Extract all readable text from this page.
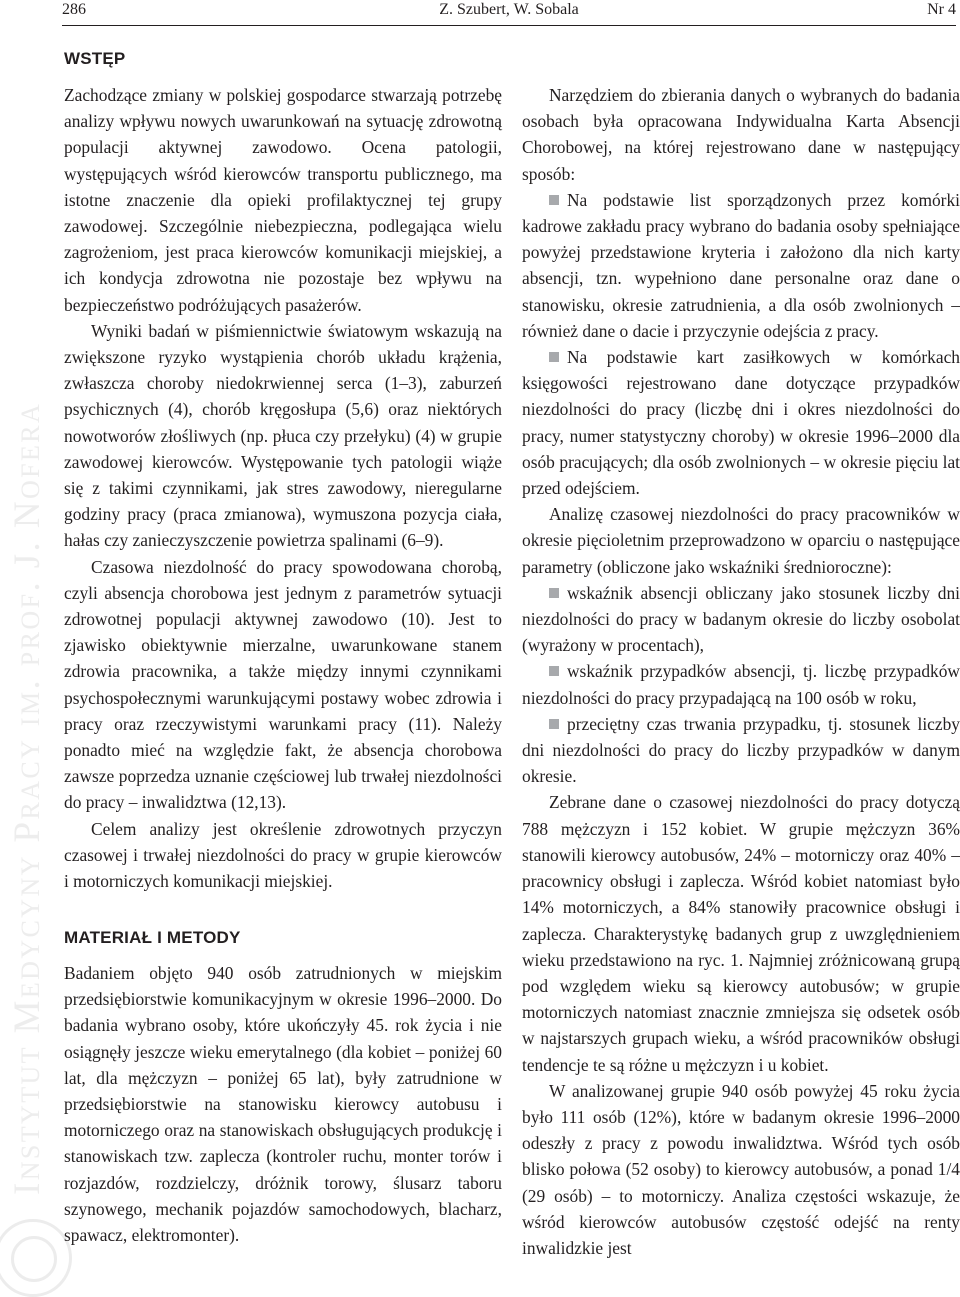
Instytut Medycyny Pracy im. prof. J. Nofera
286	Z. Szubert, W. Sobala	Nr 4
WSTĘP

Zachodzące zmiany w polskiej gospodarce stwarzają potrzebę analizy wpływu nowych uwarunkowań na sytuację zdrowotną populacji aktywnej zawodowo. Ocena patologii, występujących wśród kierowców transportu publicznego, ma istotne znaczenie dla opieki profilaktycznej tej grupy zawodowej. Szczególnie niebezpieczna, podlegająca wielu zagrożeniom, jest praca kierowców komunikacji miejskiej, a ich kondycja zdrowotna nie pozostaje bez wpływu na bezpieczeństwo podróżujących pasażerów.

Wyniki badań w piśmiennictwie światowym wskazują na zwiększone ryzyko wystąpienia chorób układu krążenia, zwłaszcza choroby niedokrwiennej serca (1–3), zaburzeń psychicznych (4), chorób kręgosłupa (5,6) oraz niektórych nowotworów złośliwych (np. płuca czy przełyku) (4) w grupie zawodowej kierowców. Występowanie tych patologii wiąże się z takimi czynnikami, jak stres zawodowy, nieregularne godziny pracy (praca zmianowa), wymuszona pozycja ciała, hałas czy zanieczyszczenie powietrza spalinami (6–9).

Czasowa niezdolność do pracy spowodowana chorobą, czyli absencja chorobowa jest jednym z parametrów sytuacji zdrowotnej populacji aktywnej zawodowo (10). Jest to zjawisko obiektywnie mierzalne, uwarunkowane stanem zdrowia pracownika, a także między innymi czynnikami psychospołecznymi warunkującymi postawy wobec zdrowia i pracy oraz rzeczywistymi warunkami pracy (11). Należy ponadto mieć na względzie fakt, że absencja chorobowa zawsze poprzedza uznanie częściowej lub trwałej niezdolności do pracy – inwalidztwa (12,13).

Celem analizy jest określenie zdrowotnych przyczyn czasowej i trwałej niezdolności do pracy w grupie kierowców i motorniczych komunikacji miejskiej.

MATERIAŁ I METODY

Badaniem objęto 940 osób zatrudnionych w miejskim przedsiębiorstwie komunikacyjnym w okresie 1996–2000. Do badania wybrano osoby, które ukończyły 45. rok życia i nie osiągnęły jeszcze wieku emerytalnego (dla kobiet – poniżej 60 lat, dla mężczyzn – poniżej 65 lat), były zatrudnione w przedsiębiorstwie na stanowisku kierowcy autobusu i motorniczego oraz na stanowiskach obsługujących produkcję i stanowiskach tzw. zaplecza (kontroler ruchu, monter torów i rozjazdów, rozdzielczy, dróżnik torowy, ślusarz taboru szynowego, mechanik pojazdów samochodowych, blacharz, spawacz, elektromonter).

Narzędziem do zbierania danych o wybranych do badania osobach była opracowana Indywidualna Karta Absencji Chorobowej, na której rejestrowano dane w następujący sposób:

Na podstawie list sporządzonych przez komórki kadrowe zakładu pracy wybrano do badania osoby spełniające powyżej przedstawione kryteria i założono dla nich karty absencji, tzn. wypełniono dane personalne oraz dane o stanowisku, okresie zatrudnienia, a dla osób zwolnionych – również dane o dacie i przyczynie odejścia z pracy.
Na podstawie kart zasiłkowych w komórkach księgowości rejestrowano dane dotyczące przypadków niezdolności do pracy (liczbę dni i okres niezdolności do pracy, numer statystyczny choroby) w okresie 1996–2000 dla osób pracujących; dla osób zwolnionych – w okresie pięciu lat przed odejściem.

Analizę czasowej niezdolności do pracy pracowników w okresie pięcioletnim przeprowadzono w oparciu o następujące parametry (obliczone jako wskaźniki średnioroczne):

wskaźnik absencji obliczany jako stosunek liczby dni niezdolności do pracy w badanym okresie do liczby osobolat (wyrażony w procentach),
wskaźnik przypadków absencji, tj. liczbę przypadków niezdolności do pracy przypadającą na 100 osób w roku,
przeciętny czas trwania przypadku, tj. stosunek liczby dni niezdolności do pracy do liczby przypadków w danym okresie.

Zebrane dane o czasowej niezdolności do pracy dotyczą 788 mężczyzn i 152 kobiet. W grupie mężczyzn 36% stanowili kierowcy autobusów, 24% – motorniczy oraz 40% – pracownicy obsługi i zaplecza. Wśród kobiet natomiast było 14% motorniczych, a 84% stanowiły pracownice obsługi i zaplecza. Charakterystykę badanych grup z uwzględnieniem wieku przedstawiono na ryc. 1. Najmniej zróżnicowaną grupą pod względem wieku są kierowcy autobusów; w grupie motorniczych natomiast znacznie zmniejsza się odsetek osób w najstarszych grupach wieku, a wśród pracowników obsługi tendencje te są różne u mężczyzn i u kobiet.

W analizowanej grupie 940 osób powyżej 45 roku życia było 111 osób (12%), które w badanym okresie 1996–2000 odeszły z pracy z powodu inwalidztwa. Wśród tych osób blisko połowa (52 osoby) to kierowcy autobusów, a ponad 1/4 (29 osób) – to motorniczy. Analiza częstości wskazuje, że wśród kierowców autobusów częstość odejść na renty inwalidzkie jest
